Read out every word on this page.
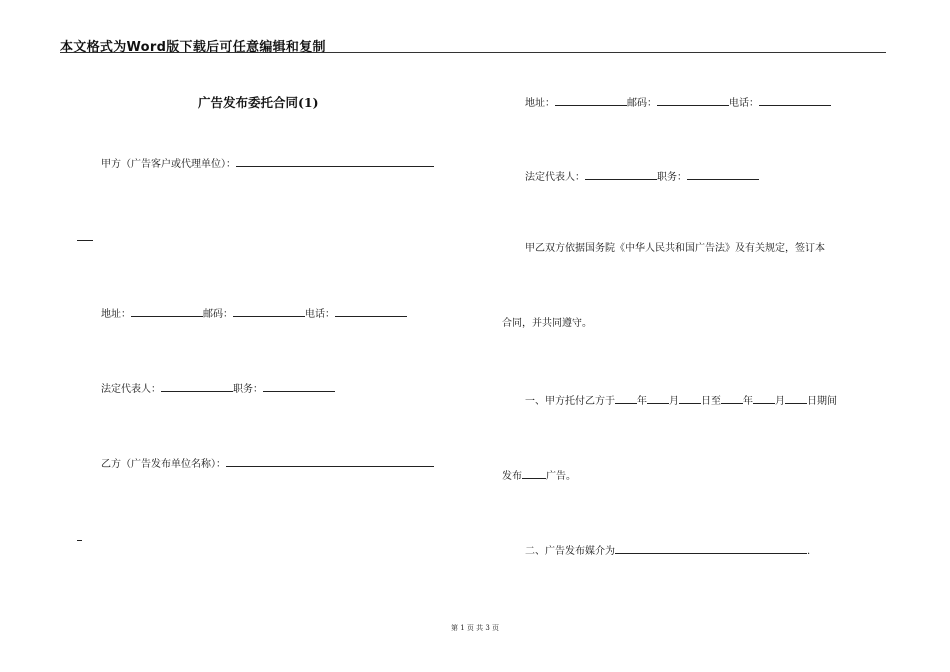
本文格式为Word版下载后可任意编辑和复制
广告发布委托合同(1)
甲方（广告客户或代理单位）：
地址：	邮码：	电话：
法定代表人：	职务：
乙方（广告发布单位名称）：
地址：	邮码：	电话：
法定代表人：	职务：
甲乙双方依据国务院《中华人民共和国广告法》及有关规定，签订本
合同，并共同遵守。
一、甲方托付乙方于 年 月 日至 年 月 日期间
发布 广告。
二、广告发布媒介为	.
第 1 页 共 3 页
